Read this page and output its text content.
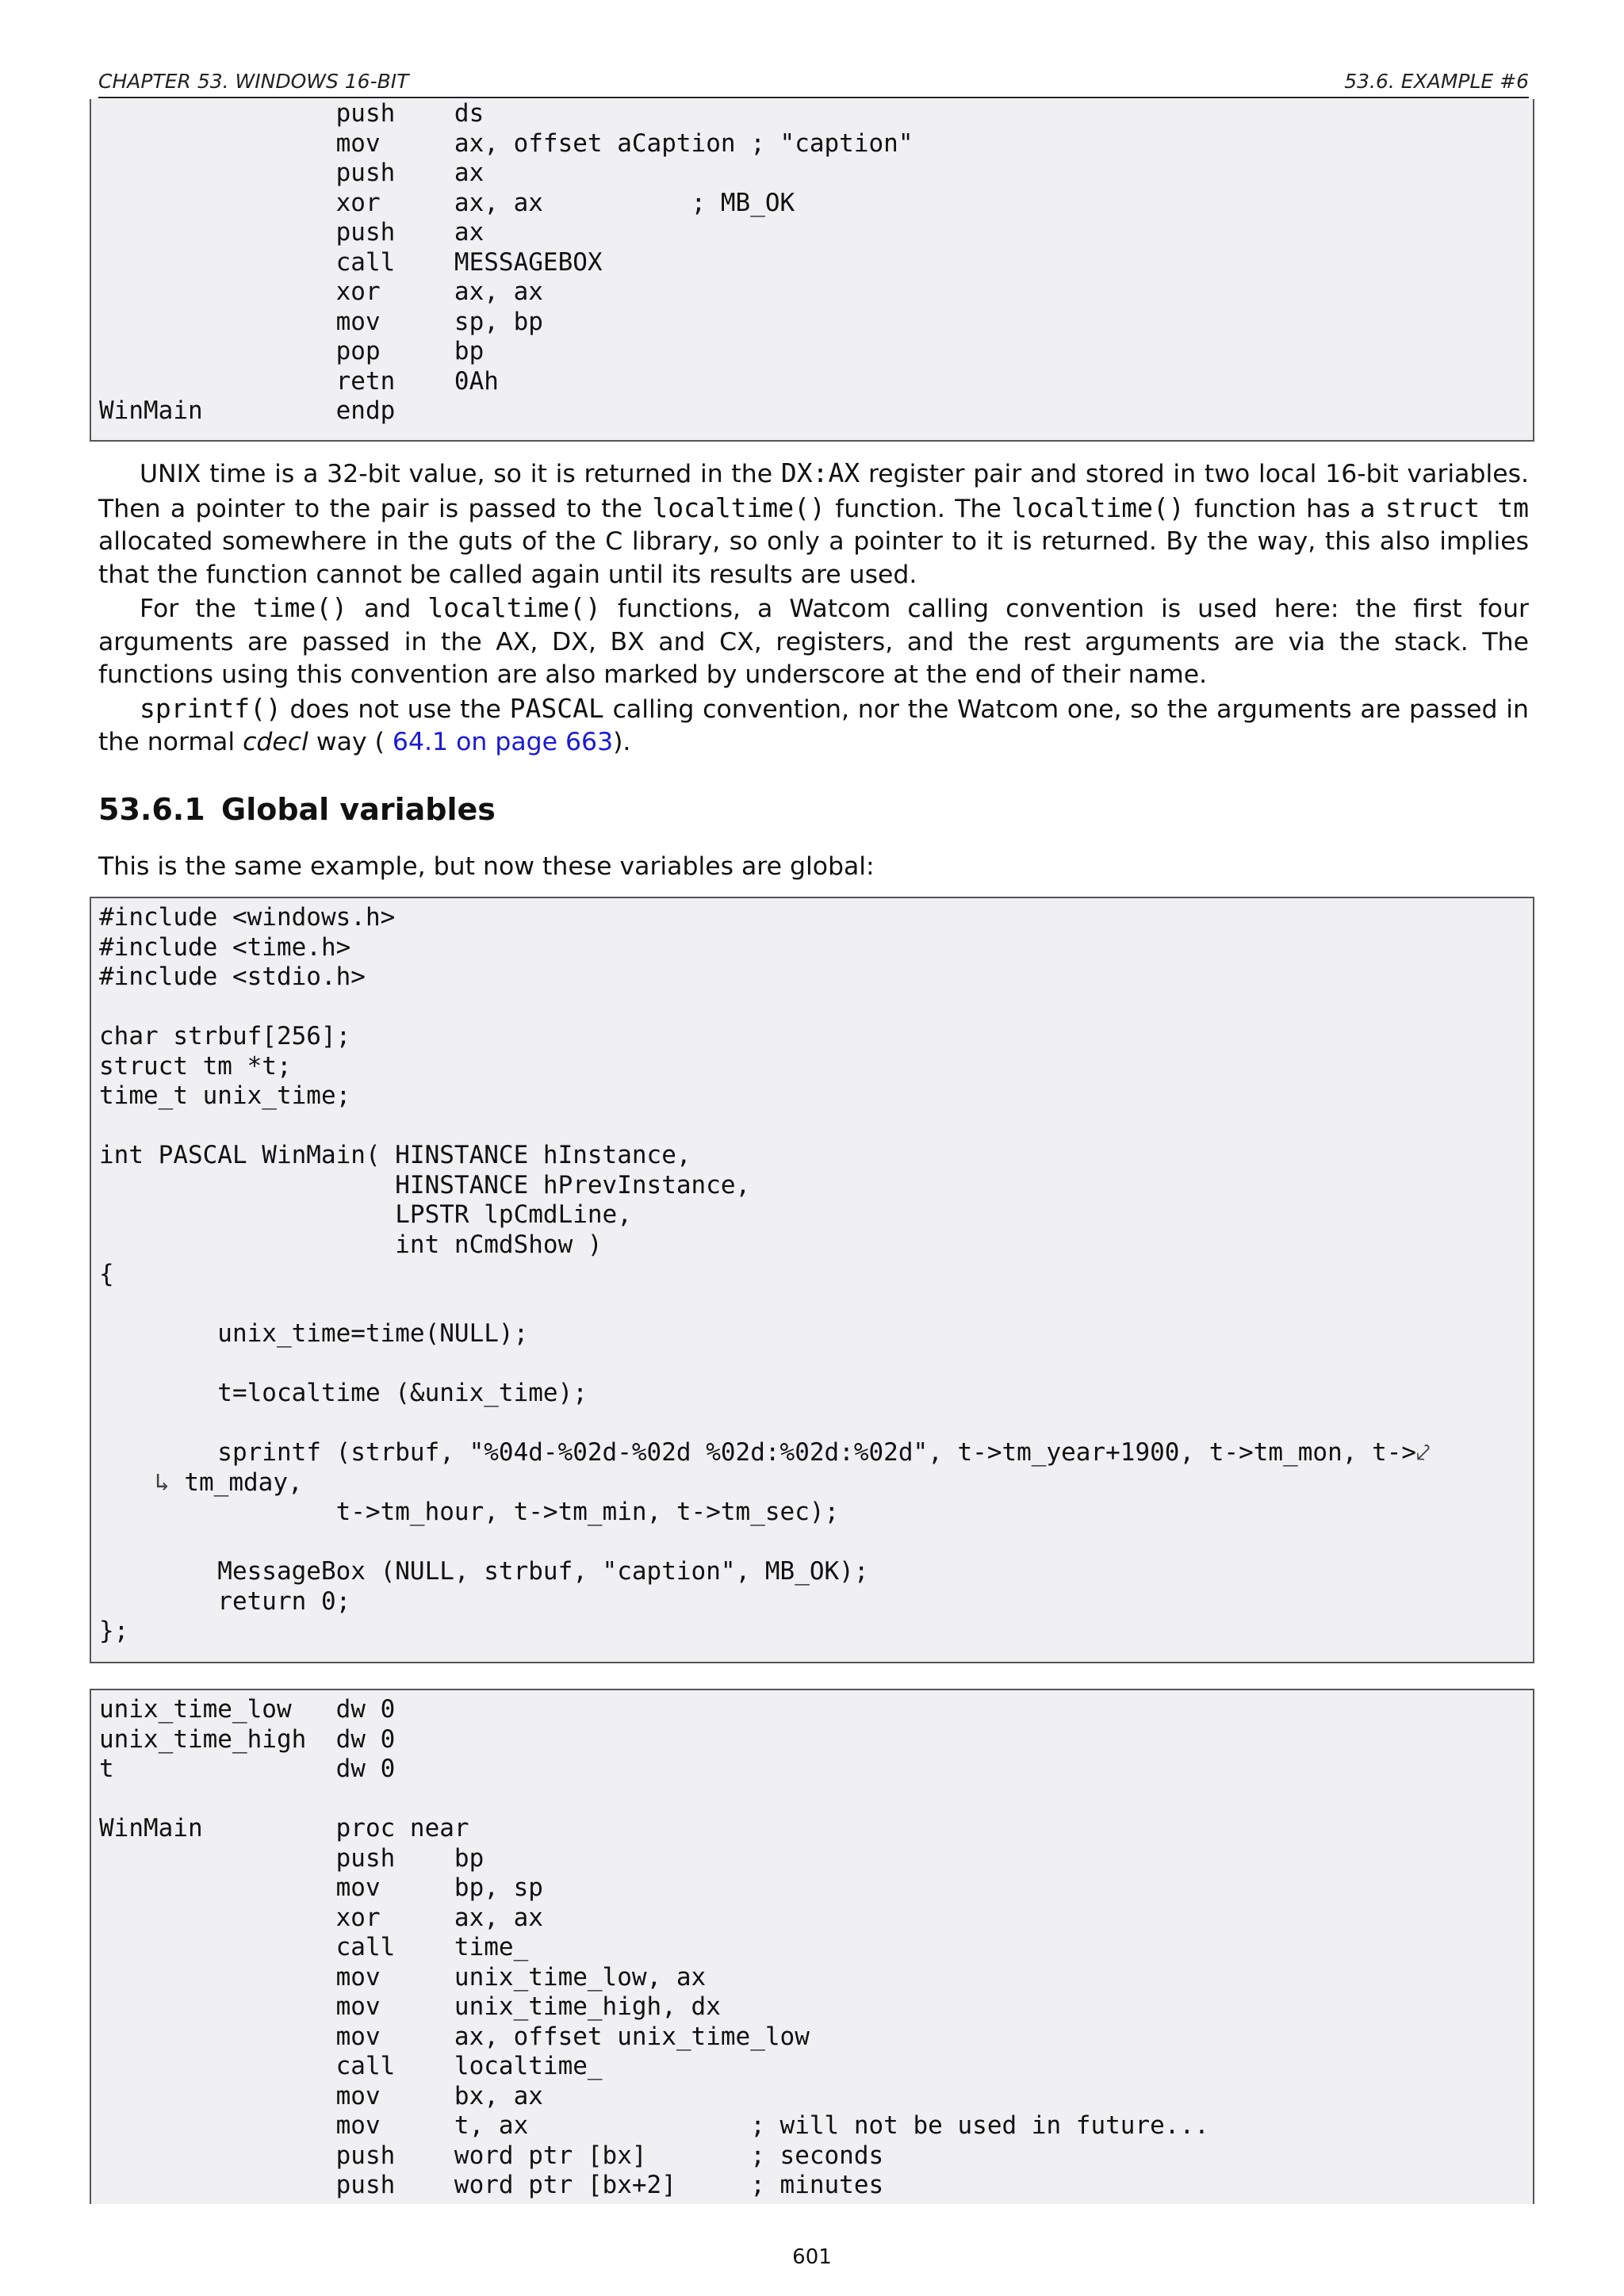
CHAPTER 53. WINDOWS 16-BIT	53.6. EXAMPLE #6
push    ds
mov     ax, offset aCaption ; "caption"
push    ax
xor     ax, ax          ; MB_OK
push    ax
call    MESSAGEBOX
xor     ax, ax
mov     sp, bp
pop     bp
retn    0Ah
WinMain         endp

UNIX time is a 32-bit value, so it is returned in the DX:AX register pair and stored in two local 16-bit variables. Then a pointer to the pair is passed to the localtime() function. The localtime() function has a struct tm allocated somewhere in the guts of the C library, so only a pointer to it is returned. By the way, this also implies that the function cannot be called again until its results are used.

For the time() and localtime() functions, a Watcom calling convention is used here: the first four arguments are passed in the AX, DX, BX and CX, registers, and the rest arguments are via the stack. The functions using this convention are also marked by underscore at the end of their name.

sprintf() does not use the PASCAL calling convention, nor the Watcom one, so the arguments are passed in the normal cdecl way ( 64.1 on page 663).

53.6.1 Global variables
This is the same example, but now these variables are global:
#include <windows.h>
#include <time.h>
#include <stdio.h>

char strbuf[256];
struct tm *t;
time_t unix_time;

int PASCAL WinMain( HINSTANCE hInstance,
HINSTANCE hPrevInstance,
LPSTR lpCmdLine,
int nCmdShow )
{

unix_time=time(NULL);

t=localtime (&unix_time);

sprintf (strbuf, "%04d-%02d-%02d %02d:%02d:%02d", t->tm_year+1900, t->tm_mon, t->⤦
↳ tm_mday,
t->tm_hour, t->tm_min, t->tm_sec);

MessageBox (NULL, strbuf, "caption", MB_OK);
return 0;
};
unix_time_low   dw 0
unix_time_high  dw 0
t               dw 0

WinMain         proc near
push    bp
mov     bp, sp
xor     ax, ax
call    time_
mov     unix_time_low, ax
mov     unix_time_high, dx
mov     ax, offset unix_time_low
call    localtime_
mov     bx, ax
mov     t, ax               ; will not be used in future...
push    word ptr [bx]       ; seconds
push    word ptr [bx+2]     ; minutes
601
